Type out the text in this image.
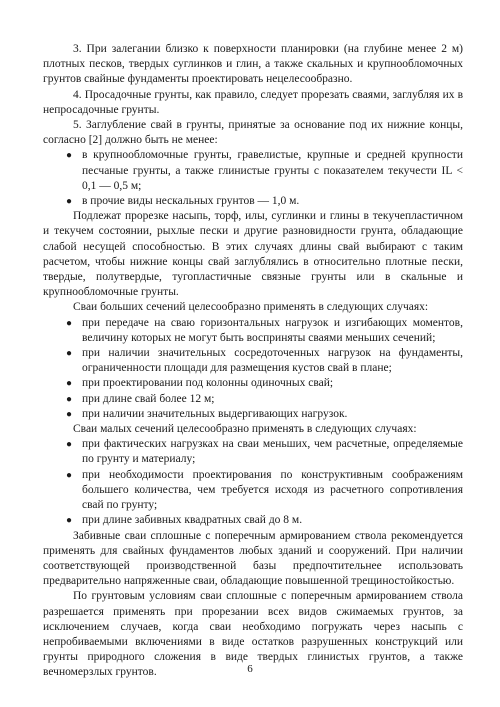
3. При залегании близко к поверхности планировки (на глубине менее 2 м) плотных песков, твердых суглинков и глин, а также скальных и крупнообломочных грунтов свайные фундаменты проектировать нецелесообразно.

4. Просадочные грунты, как правило, следует прорезать сваями, заглубляя их в непросадочные грунты.

5. Заглубление свай в грунты, принятые за основание под их нижние концы, согласно [2] должно быть не менее:

● в крупнообломочные грунты, гравелистые, крупные и средней крупности песчаные грунты, а также глинистые грунты с показателем текучести IL < 0,1 — 0,5 м;
● в прочие виды нескальных грунтов — 1,0 м.

Подлежат прорезке насыпь, торф, илы, суглинки и глины в текучепластичном и текучем состоянии, рыхлые пески и другие разновидности грунта, обладающие слабой несущей способностью. В этих случаях длины свай выбирают с таким расчетом, чтобы нижние концы свай заглублялись в относительно плотные пески, твердые, полутвердые, тугопластичные связные грунты или в скальные и крупнообломочные грунты.

Сваи больших сечений целесообразно применять в следующих случаях:

● при передаче на сваю горизонтальных нагрузок и изгибающих моментов, величину которых не могут быть восприняты сваями меньших сечений;
● при наличии значительных сосредоточенных нагрузок на фундаменты, ограниченности площади для размещения кустов свай в плане;
● при проектировании под колонны одиночных свай;
● при длине свай более 12 м;
● при наличии значительных выдергивающих нагрузок.

Сваи малых сечений целесообразно применять в следующих случаях:

● при фактических нагрузках на сваи меньших, чем расчетные, определяемые по грунту и материалу;
● при необходимости проектирования по конструктивным соображениям большего количества, чем требуется исходя из расчетного сопротивления свай по грунту;
● при длине забивных квадратных свай до 8 м.

Забивные сваи сплошные с поперечным армированием ствола рекомендуется применять для свайных фундаментов любых зданий и сооружений. При наличии соответствующей производственной базы предпочтительнее использовать предварительно напряженные сваи, обладающие повышенной трещиностойкостью.

По грунтовым условиям сваи сплошные с поперечным армированием ствола разрешается применять при прорезании всех видов сжимаемых грунтов, за исключением случаев, когда сваи необходимо погружать через насыпь с непробиваемыми включениями в виде остатков разрушенных конструкций или грунты природного сложения в виде твердых глинистых грунтов, а также вечномерзлых грунтов.	6
